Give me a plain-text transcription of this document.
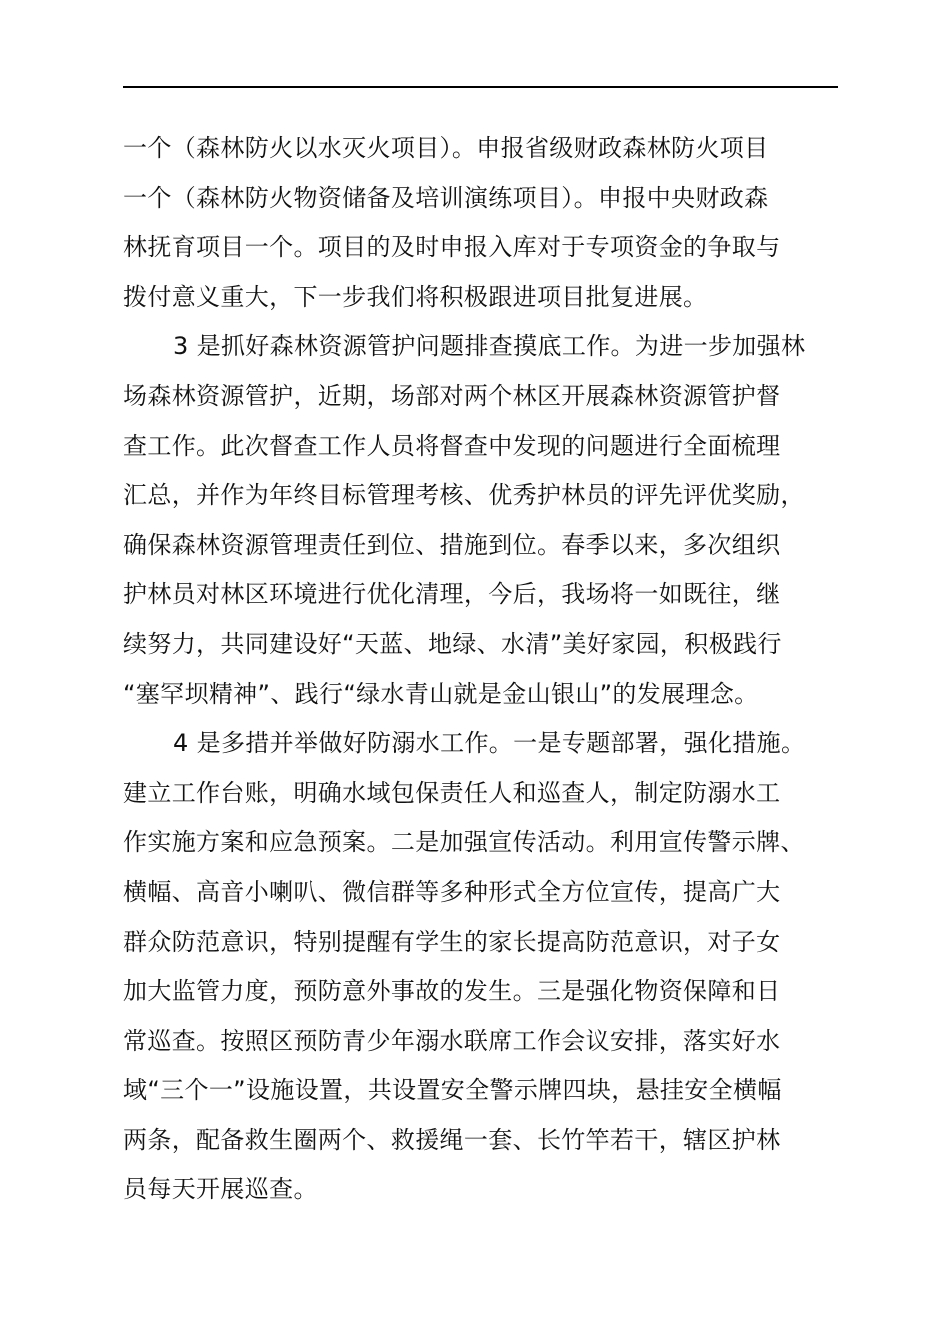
一个（森林防火以水灭火项目）。申报省级财政森林防火项目
一个（森林防火物资储备及培训演练项目）。申报中央财政森
林抚育项目一个。项目的及时申报入库对于专项资金的争取与
拨付意义重大，下一步我们将积极跟进项目批复进展。
3 是抓好森林资源管护问题排查摸底工作。为进一步加强林
场森林资源管护，近期，场部对两个林区开展森林资源管护督
查工作。此次督查工作人员将督查中发现的问题进行全面梳理
汇总，并作为年终目标管理考核、优秀护林员的评先评优奖励，
确保森林资源管理责任到位、措施到位。春季以来，多次组织
护林员对林区环境进行优化清理，今后，我场将一如既往，继
续努力，共同建设好“天蓝、地绿、水清”美好家园，积极践行
“塞罕坝精神”、践行“绿水青山就是金山银山”的发展理念。
4 是多措并举做好防溺水工作。一是专题部署，强化措施。
建立工作台账，明确水域包保责任人和巡查人，制定防溺水工
作实施方案和应急预案。二是加强宣传活动。利用宣传警示牌、
横幅、高音小喇叭、微信群等多种形式全方位宣传，提高广大
群众防范意识，特别提醒有学生的家长提高防范意识，对子女
加大监管力度，预防意外事故的发生。三是强化物资保障和日
常巡查。按照区预防青少年溺水联席工作会议安排，落实好水
域“三个一”设施设置，共设置安全警示牌四块，悬挂安全横幅
两条，配备救生圈两个、救援绳一套、长竹竿若干，辖区护林
员每天开展巡查。
